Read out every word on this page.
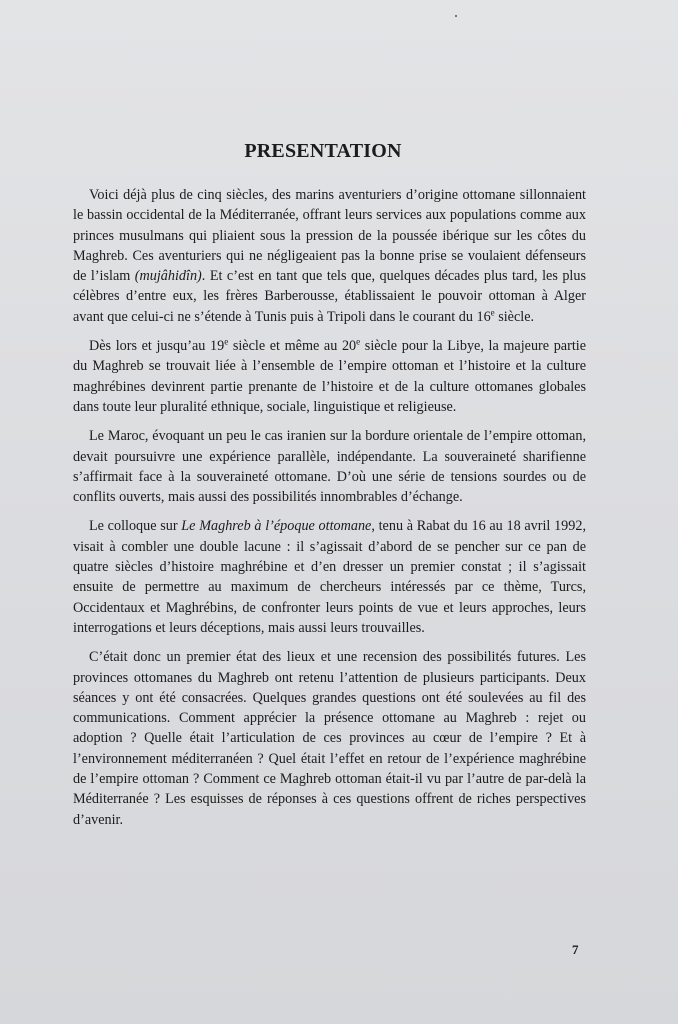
PRESENTATION

Voici déjà plus de cinq siècles, des marins aventuriers d’origine ottomane sillonnaient le bassin occidental de la Méditerranée, offrant leurs services aux populations comme aux princes musulmans qui pliaient sous la pression de la poussée ibérique sur les côtes du Maghreb. Ces aventuriers qui ne négligeaient pas la bonne prise se voulaient défenseurs de l’islam (mujâhidîn). Et c’est en tant que tels que, quelques décades plus tard, les plus célèbres d’entre eux, les frères Barberousse, établissaient le pouvoir ottoman à Alger avant que celui-ci ne s’étende à Tunis puis à Tripoli dans le courant du 16e siècle.

Dès lors et jusqu’au 19e siècle et même au 20e siècle pour la Libye, la majeure partie du Maghreb se trouvait liée à l’ensemble de l’empire ottoman et l’histoire et la culture maghrébines devinrent partie prenante de l’histoire et de la culture ottomanes globales dans toute leur pluralité ethnique, sociale, linguistique et religieuse.

Le Maroc, évoquant un peu le cas iranien sur la bordure orientale de l’empire ottoman, devait poursuivre une expérience parallèle, indépendante. La souveraineté sharifienne s’affirmait face à la souveraineté ottomane. D’où une série de tensions sourdes ou de conflits ouverts, mais aussi des possibilités innombrables d’échange.

Le colloque sur Le Maghreb à l’époque ottomane, tenu à Rabat du 16 au 18 avril 1992, visait à combler une double lacune : il s’agissait d’abord de se pencher sur ce pan de quatre siècles d’histoire maghrébine et d’en dresser un premier constat ; il s’agissait ensuite de permettre au maximum de chercheurs intéressés par ce thème, Turcs, Occidentaux et Maghrébins, de confronter leurs points de vue et leurs approches, leurs interrogations et leurs déceptions, mais aussi leurs trouvailles.

C’était donc un premier état des lieux et une recension des possibilités futures. Les provinces ottomanes du Maghreb ont retenu l’attention de plusieurs participants. Deux séances y ont été consacrées. Quelques grandes questions ont été soulevées au fil des communications. Comment apprécier la présence ottomane au Maghreb : rejet ou adoption ? Quelle était l’articulation de ces provinces au cœur de l’empire ? Et à l’environnement méditerranéen ? Quel était l’effet en retour de l’expérience maghrébine de l’empire ottoman ? Comment ce Maghreb ottoman était-il vu par l’autre de par-delà la Méditerranée ? Les esquisses de réponses à ces questions offrent de riches perspectives d’avenir.

7
